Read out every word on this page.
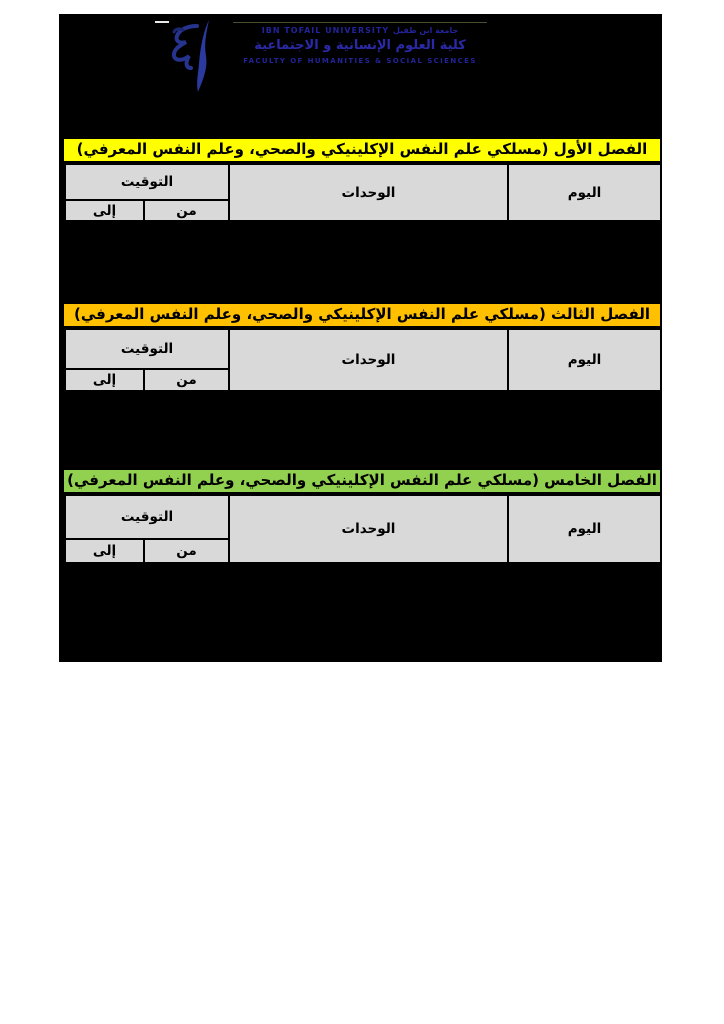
IBN TOFAIL UNIVERSITY جامعة ابن طفيل
كلية العلوم الإنسانية و الاجتماعية
FACULTY OF HUMANITIES & SOCIAL SCIENCES
الفصل الأول (مسلكي علم النفس الإكلينيكي والصحي، وعلم النفس المعرفي)
اليوم	الوحدات	التوقيت	
		من	إلى
الفصل الثالث (مسلكي علم النفس الإكلينيكي والصحي، وعلم النفس المعرفي)
اليوم	الوحدات	التوقيت	
		من	إلى
الفصل الخامس (مسلكي علم النفس الإكلينيكي والصحي، وعلم النفس المعرفي)
اليوم	الوحدات	التوقيت	
		من	إلى
